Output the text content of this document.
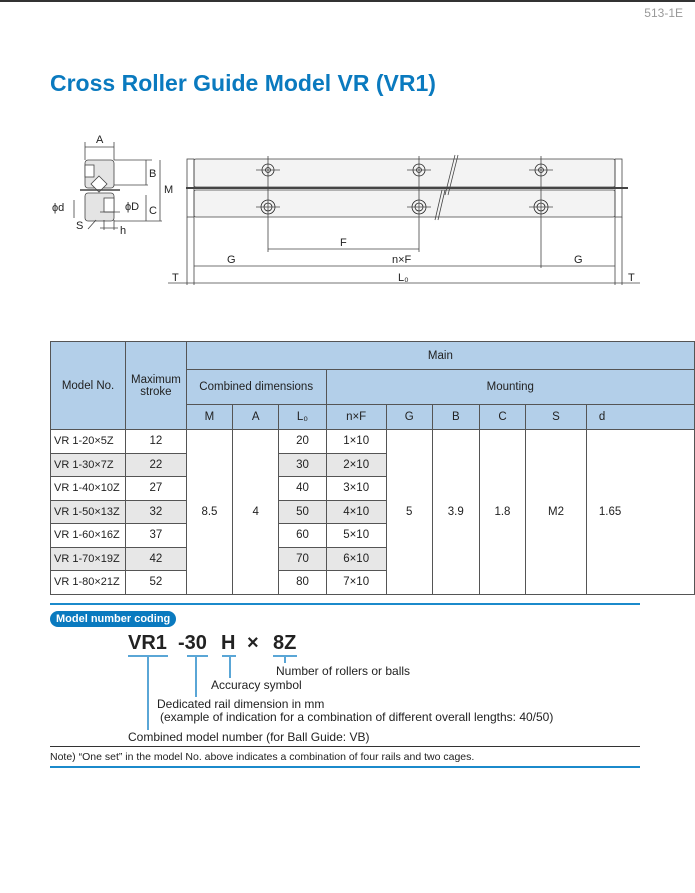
513-1E
Cross Roller Guide Model VR (VR1)
A
B
M
C
ϕd	ϕD
S	h
F
G	n×F	G
T	L₀	T
Model No.	Maximum stroke	Main								
		Combined dimensions			Mounting					
		M	A	L₀	n×F	G	B	C	S	d
VR 1-20×5Z	12	8.5	4	20	1×10	5	3.9	1.8	M2	1.65
VR 1-30×7Z	22			30	2×10					
VR 1-40×10Z	27			40	3×10					
VR 1-50×13Z	32			50	4×10					
VR 1-60×16Z	37			60	5×10					
VR 1-70×19Z	42			70	6×10					
VR 1-80×21Z	52			80	7×10					
Model number coding
VR1 -30 H × 8Z
Number of rollers or balls
Accuracy symbol
Dedicated rail dimension in mm
(example of indication for a combination of different overall lengths: 40/50)
Combined model number (for Ball Guide: VB)
Note) “One set” in the model No. above indicates a combination of four rails and two cages.
